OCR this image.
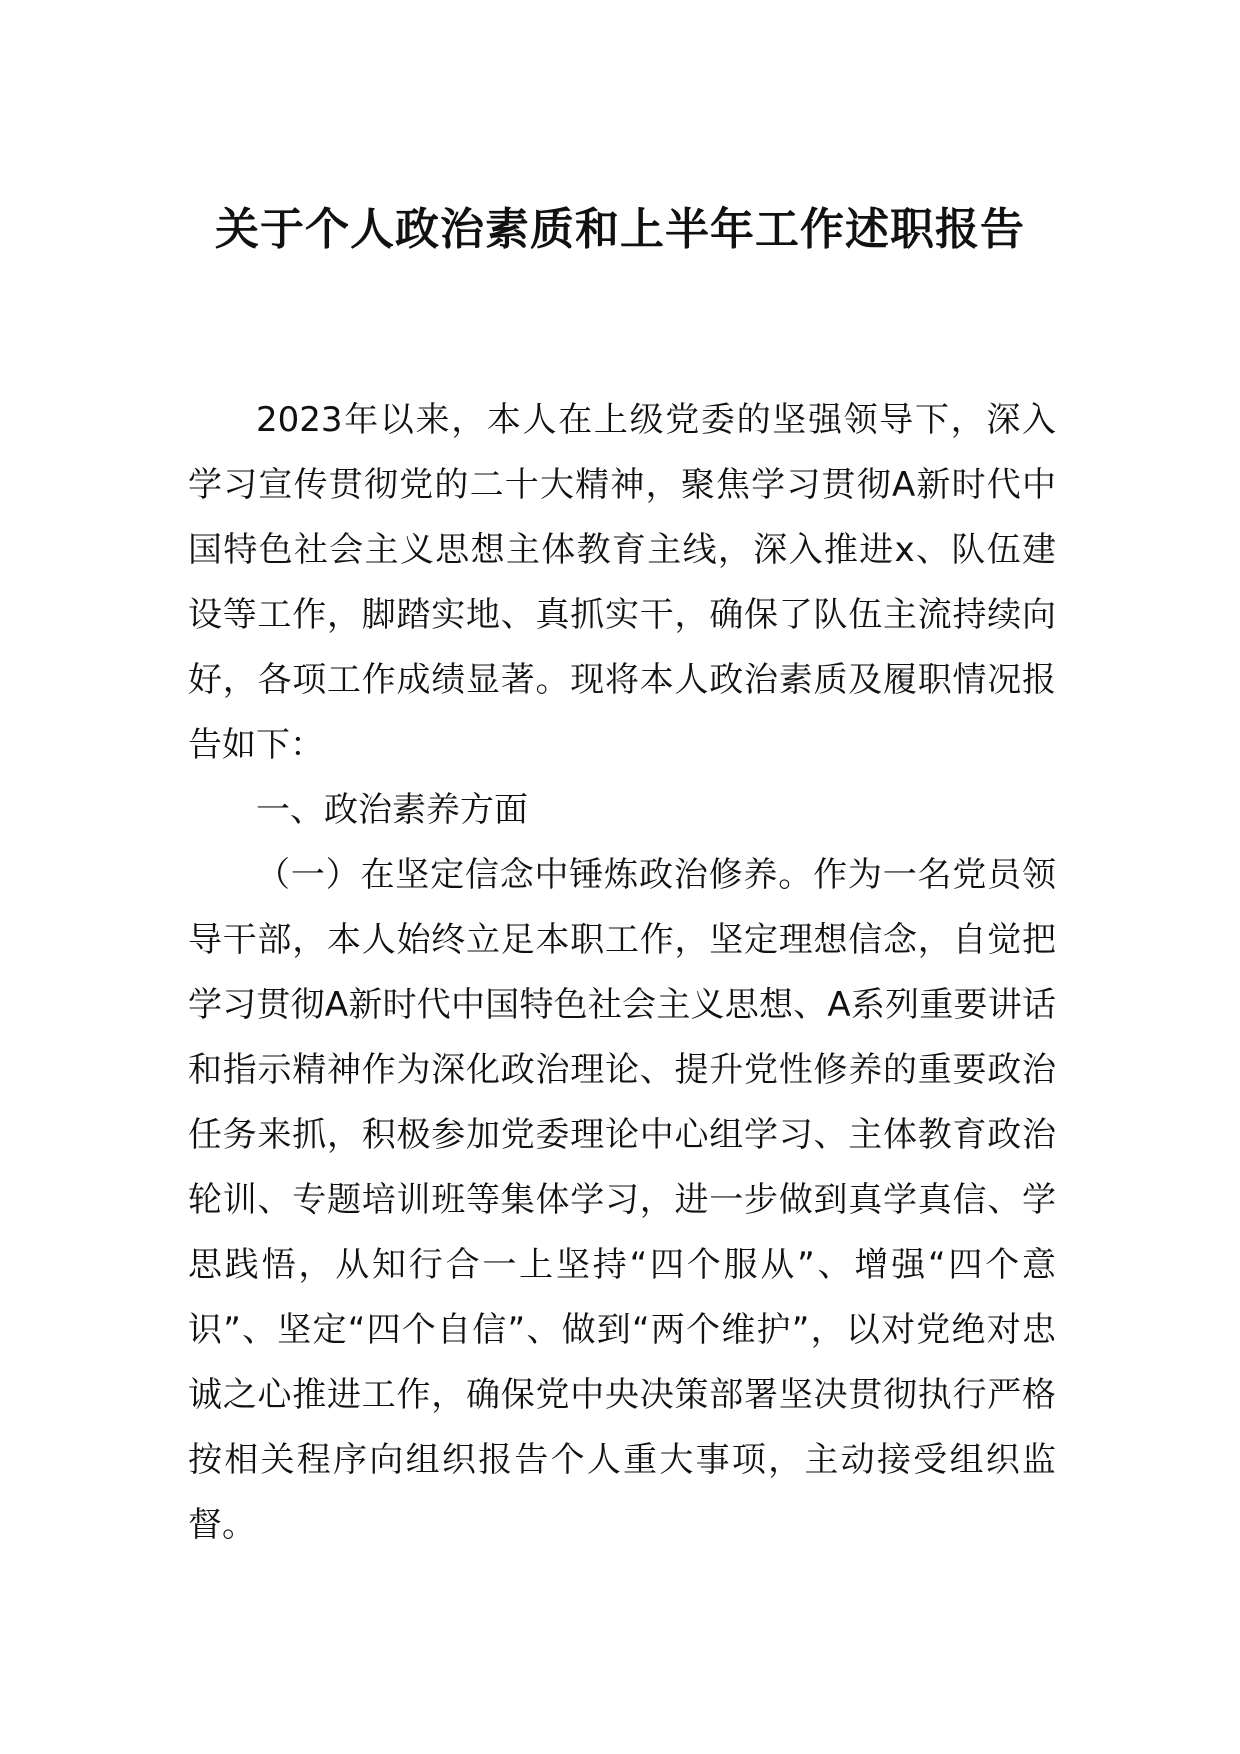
关于个人政治素质和上半年工作述职报告

2023年以来，本人在上级党委的坚强领导下，深入学习宣传贯彻党的二十大精神，聚焦学习贯彻A新时代中国特色社会主义思想主体教育主线，深入推进x、队伍建设等工作，脚踏实地、真抓实干，确保了队伍主流持续向好，各项工作成绩显著。现将本人政治素质及履职情况报告如下：

一、政治素养方面

（一）在坚定信念中锤炼政治修养。作为一名党员领导干部，本人始终立足本职工作，坚定理想信念，自觉把学习贯彻A新时代中国特色社会主义思想、A系列重要讲话和指示精神作为深化政治理论、提升党性修养的重要政治任务来抓，积极参加党委理论中心组学习、主体教育政治轮训、专题培训班等集体学习，进一步做到真学真信、学思践悟，从知行合一上坚持“四个服从”、增强“四个意识”、坚定“四个自信”、做到“两个维护”，以对党绝对忠诚之心推进工作，确保党中央决策部署坚决贯彻执行严格按相关程序向组织报告个人重大事项，主动接受组织监督。
